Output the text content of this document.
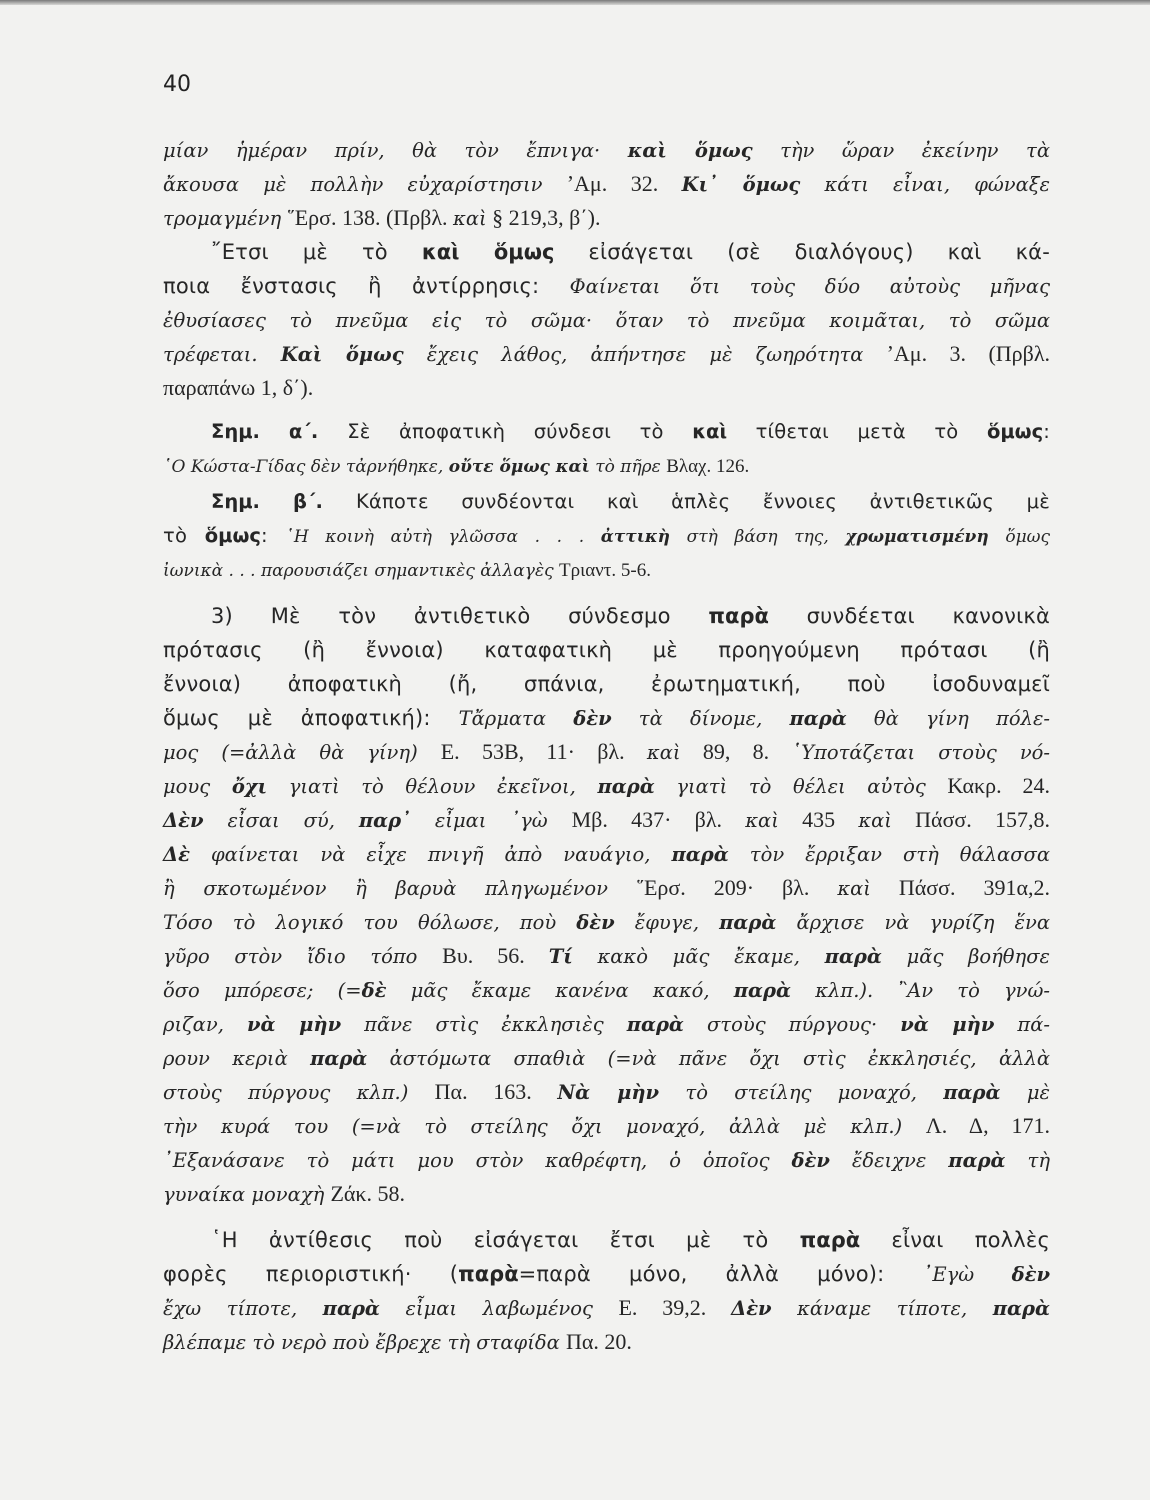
40
μίαν ἡμέραν πρίν, θὰ τὸν ἔπνιγα· καὶ ὅμως τὴν ὥραν ἐκείνην τὰ
ἄκουσα μὲ πολλὴν εὐχαρίστησιν ʼΑμ. 32. Κι᾽ ὅμως κάτι εἶναι, φώναξε
τρομαγμένη ῞Ερσ. 138. (Πρβλ. καὶ § 219,3, β΄).
῎Ετσι μὲ τὸ καὶ ὅμως εἰσάγεται (σὲ διαλόγους) καὶ κά-
ποια ἔνστασις ἢ ἀντίρρησις: Φαίνεται ὅτι τοὺς δύο αὐτοὺς μῆνας
ἐθυσίασες τὸ πνεῦμα εἰς τὸ σῶμα· ὅταν τὸ πνεῦμα κοιμᾶται, τὸ σῶμα
τρέφεται. Καὶ ὅμως ἔχεις λάθος, ἀπήντησε μὲ ζωηρότητα ʼΑμ. 3. (Πρβλ.
παραπάνω 1, δ΄).
Σημ. α΄. Σὲ ἀποφατικὴ σύνδεσι τὸ καὶ τίθεται μετὰ τὸ ὅμως:
῾Ο Κώστα-Γίδας δὲν τἀρνήθηκε, οὔτε ὅμως καὶ τὸ πῆρε Βλαχ. 126.
Σημ. β΄. Κάποτε συνδέονται καὶ ἁπλὲς ἔννοιες ἀντιθετικῶς μὲ
τὸ ὅμως: ῾Η κοινὴ αὐτὴ γλῶσσα . . . ἀττικὴ στὴ βάση της, χρωματισμένη ὅμως
ἰωνικὰ . . . παρουσιάζει σημαντικὲς ἀλλαγὲς Τριαντ. 5-6.
3) Μὲ τὸν ἀντιθετικὸ σύνδεσμο παρὰ συνδέεται κανονικὰ
πρότασις (ἢ ἔννοια) καταφατικὴ μὲ προηγούμενη πρότασι (ἢ
ἔννοια) ἀποφατικὴ (ἤ, σπάνια, ἐρωτηματική, ποὺ ἰσοδυναμεῖ
ὅμως μὲ ἀποφατική): Τἄρματα δὲν τὰ δίνομε, παρὰ θὰ γίνη πόλε-
μος (=ἀλλὰ θὰ γίνη) Ε. 53Β, 11· βλ. καὶ 89, 8. ῾Υποτάζεται στοὺς νό-
μους ὄχι γιατὶ τὸ θέλουν ἐκεῖνοι, παρὰ γιατὶ τὸ θέλει αὐτὸς Κακρ. 24.
Δὲν εἶσαι σύ, παρ᾽ εἶμαι ᾽γὼ Μβ. 437· βλ. καὶ 435 καὶ Πάσσ. 157,8.
Δὲ φαίνεται νὰ εἶχε πνιγῆ ἀπὸ ναυάγιο, παρὰ τὸν ἔρριξαν στὴ θάλασσα
ἢ σκοτωμένον ἢ βαρυὰ πληγωμένον ῞Ερσ. 209· βλ. καὶ Πάσσ. 391α,2.
Τόσο τὸ λογικό του θόλωσε, ποὺ δὲν ἔφυγε, παρὰ ἄρχισε νὰ γυρίζη ἕνα
γῦρο στὸν ἴδιο τόπο Βυ. 56. Τί κακὸ μᾶς ἔκαμε, παρὰ μᾶς βοήθησε
ὅσο μπόρεσε; (=δὲ μᾶς ἔκαμε κανένα κακό, παρὰ κλπ.). ῍Αν τὸ γνώ-
ριζαν, νὰ μὴν πᾶνε στὶς ἐκκλησιὲς παρὰ στοὺς πύργους· νὰ μὴν πά-
ρουν κεριὰ παρὰ ἀστόμωτα σπαθιὰ (=νὰ πᾶνε ὄχι στὶς ἐκκλησιές, ἀλλὰ
στοὺς πύργους κλπ.) Πα. 163. Νὰ μὴν τὸ στείλης μοναχό, παρὰ μὲ
τὴν κυρά του (=νὰ τὸ στείλης ὄχι μοναχό, ἀλλὰ μὲ κλπ.) Λ. Δ, 171.
᾽Εξανάσανε τὸ μάτι μου στὸν καθρέφτη, ὁ ὁποῖος δὲν ἔδειχνε παρὰ τὴ
γυναίκα μοναχὴ Ζάκ. 58.
῾Η ἀντίθεσις ποὺ εἰσάγεται ἔτσι μὲ τὸ παρὰ εἶναι πολλὲς
φορὲς περιοριστική· (παρὰ=παρὰ μόνο, ἀλλὰ μόνο): ᾽Εγὼ δὲν
ἔχω τίποτε, παρὰ εἶμαι λαβωμένος Ε. 39,2. Δὲν κάναμε τίποτε, παρὰ
βλέπαμε τὸ νερὸ ποὺ ἔβρεχε τὴ σταφίδα Πα. 20.
